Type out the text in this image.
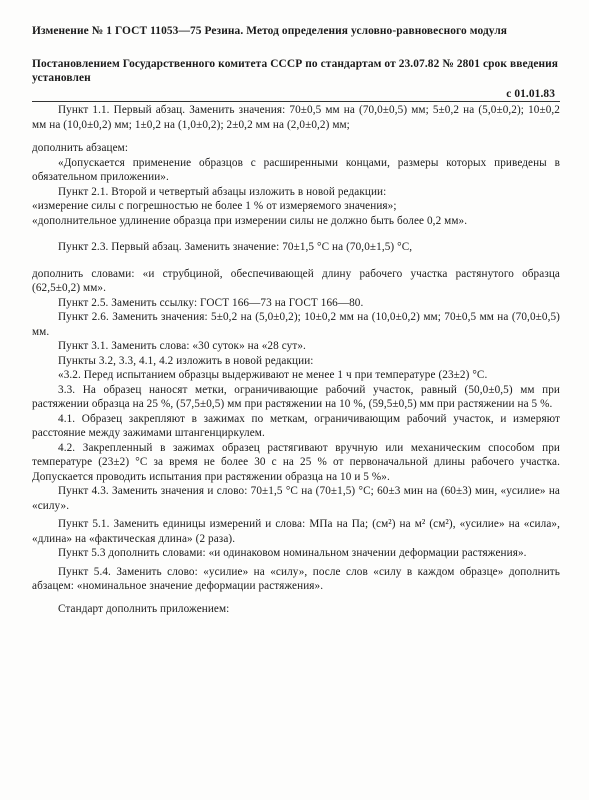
Изменение № 1 ГОСТ 11053—75 Резина. Метод определения условно-равновесного модуля
Постановлением Государственного комитета СССР по стандартам от 23.07.82 № 2801 срок введения установлен
с 01.01.83

Пункт 1.1. Первый абзац. Заменить значения: 70±0,5 мм на (70,0±0,5) мм; 5±0,2 на (5,0±0,2); 10±0,2 мм на (10,0±0,2) мм; 1±0,2 на (1,0±0,2); 2±0,2 мм на (2,0±0,2) мм;

дополнить абзацем:

«Допускается применение образцов с расширенными концами, размеры которых приведены в обязательном приложении».

Пункт 2.1. Второй и четвертый абзацы изложить в новой редакции:

«измерение силы с погрешностью не более 1 % от измеряемого значения»;

«дополнительное удлинение образца при измерении силы не должно быть более 0,2 мм».

Пункт 2.3. Первый абзац. Заменить значение: 70±1,5 °С на (70,0±1,5) °С,

дополнить словами: «и струбциной, обеспечивающей длину рабочего участка растянутого образца (62,5±0,2) мм».

Пункт 2.5. Заменить ссылку: ГОСТ 166—73 на ГОСТ 166—80.

Пункт 2.6. Заменить значения: 5±0,2 на (5,0±0,2); 10±0,2 мм на (10,0±0,2) мм; 70±0,5 мм на (70,0±0,5) мм.

Пункт 3.1. Заменить слова: «30 суток» на «28 сут».

Пункты 3.2, 3.3, 4.1, 4.2 изложить в новой редакции:

«3.2. Перед испытанием образцы выдерживают не менее 1 ч при температуре (23±2) °С.

3.3. На образец наносят метки, ограничивающие рабочий участок, равный (50,0±0,5) мм при растяжении образца на 25 %, (57,5±0,5) мм при растяжении на 10 %, (59,5±0,5) мм при растяжении на 5 %.

4.1. Образец закрепляют в зажимах по меткам, ограничивающим рабочий участок, и измеряют расстояние между зажимами штангенциркулем.

4.2. Закрепленный в зажимах образец растягивают вручную или механическим способом при температуре (23±2) °С за время не более 30 с на 25 % от первоначальной длины рабочего участка. Допускается проводить испытания при растяжении образца на 10 и 5 %».

Пункт 4.3. Заменить значения и слово: 70±1,5 °С на (70±1,5) °С; 60±3 мин на (60±3) мин, «усилие» на «силу».

Пункт 5.1. Заменить единицы измерений и слова: МПа на Па; (см²) на м² (см²), «усилие» на «сила», «длина» на «фактическая длина» (2 раза).

Пункт 5.3 дополнить словами: «и одинаковом номинальном значении деформации растяжения».

Пункт 5.4. Заменить слово: «усилие» на «силу», после слов «силу в каждом образце» дополнить абзацем: «номинальное значение деформации растяжения».

Стандарт дополнить приложением:
